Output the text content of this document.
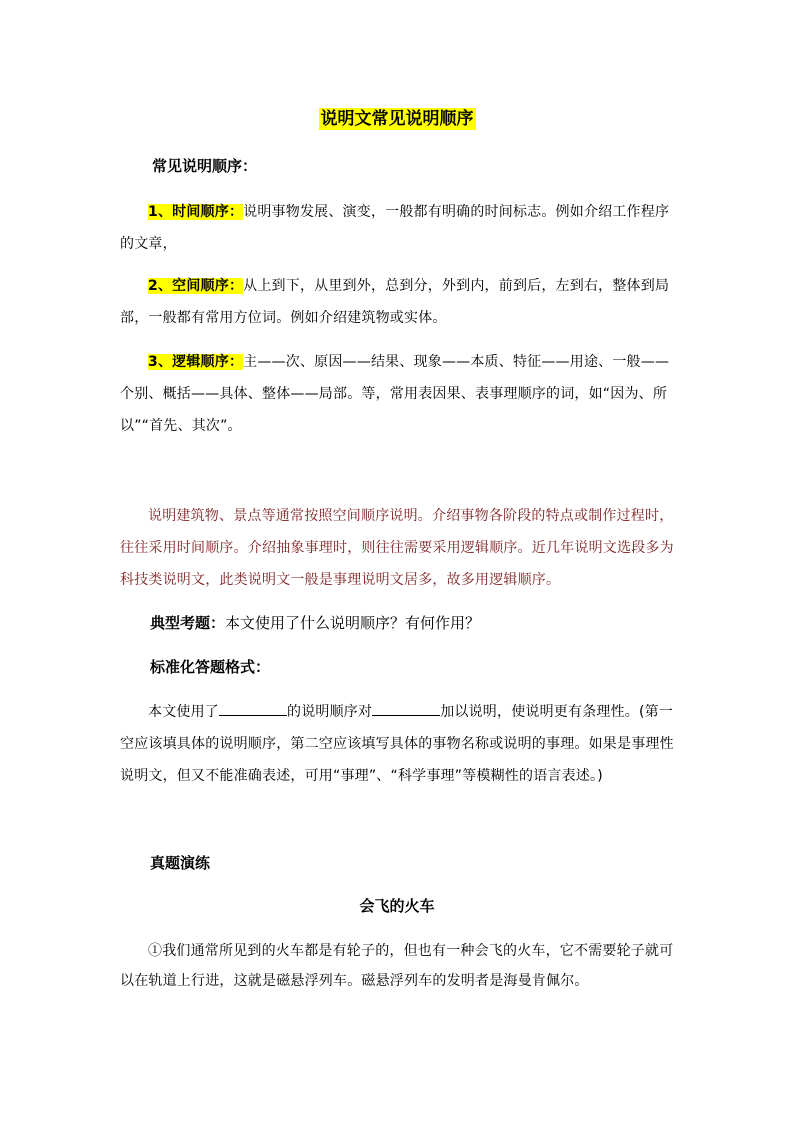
说明文常见说明顺序
常见说明顺序：
1、时间顺序：说明事物发展、演变，一般都有明确的时间标志。例如介绍工作程序的文章，
2、空间顺序：从上到下，从里到外，总到分，外到内，前到后，左到右，整体到局部，一般都有常用方位词。例如介绍建筑物或实体。
3、逻辑顺序：主——次、原因——结果、现象——本质、特征——用途、一般——个别、概括——具体、整体——局部。等，常用表因果、表事理顺序的词，如“因为、所以”“首先、其次”。
说明建筑物、景点等通常按照空间顺序说明。介绍事物各阶段的特点或制作过程时，往往采用时间顺序。介绍抽象事理时，则往往需要采用逻辑顺序。近几年说明文选段多为科技类说明文，此类说明文一般是事理说明文居多，故多用逻辑顺序。
典型考题：本文使用了什么说明顺序？有何作用？
标准化答题格式：
本文使用了	的说明顺序对	加以说明，使说明更有条理性。(第一空应该填具体的说明顺序，第二空应该填写具体的事物名称或说明的事理。如果是事理性说明文，但又不能准确表述，可用“事理”、“科学事理”等模糊性的语言表述。)
真题演练
会飞的火车
①我们通常所见到的火车都是有轮子的，但也有一种会飞的火车，它不需要轮子就可以在轨道上行进，这就是磁悬浮列车。磁悬浮列车的发明者是海曼肯佩尔。
